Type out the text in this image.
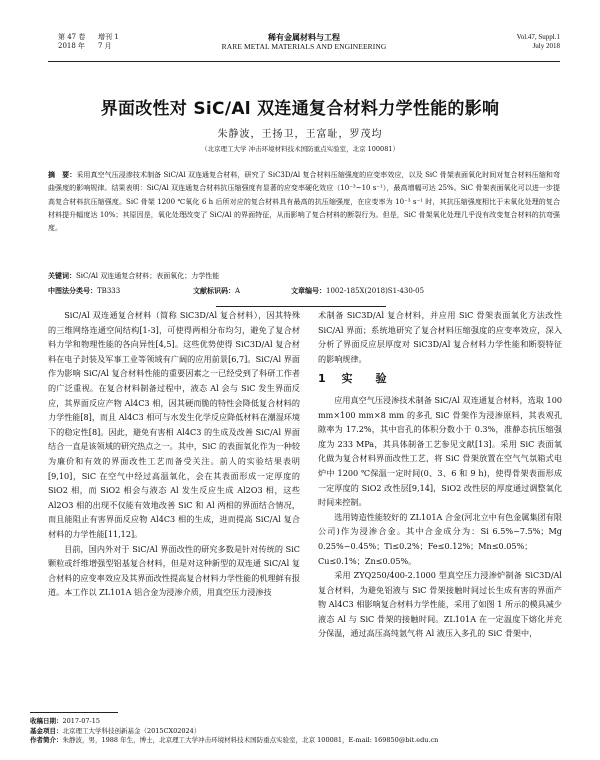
第 47 卷 增刊 1
2018 年 7 月
稀有金属材料与工程
RARE METAL MATERIALS AND ENGINEERING
Vol.47, Suppl.1
July 2018
界面改性对 SiC/Al 双连通复合材料力学性能的影响
朱静波，王扬卫，王富耻，罗茂均
（北京理工大学 冲击环境材料技术国防重点实验室，北京 100081）
摘　要：采用真空气压浸渗技术制备 SiC/Al 双连通复合材料，研究了 SiC3D/Al 复合材料压缩强度的应变率效应，以及 SiC 骨架表面氧化时间对复合材料压缩和弯曲强度的影响规律。结果表明：SiC/Al 双连通复合材料抗压缩强度有显著的应变率硬化效应（10⁻³~10 s⁻¹），最高增幅可达 25%。SiC 骨架表面氧化可以进一步提高复合材料抗压缩强度。SiC 骨架 1200 ℃氧化 6 h 后所对应的复合材料具有最高的抗压缩强度，在应变率为 10⁻³ s⁻¹ 时，其抗压缩强度相比于未氧化处理的复合材料提升幅度达 10%；其原因是，氧化处理改变了 SiC/Al 的界面特征，从而影响了复合材料的断裂行为。但是，SiC 骨架氧化处理几乎没有改变复合材料的抗弯强度。
关键词：SiC/Al 双连通复合材料；表面氧化；力学性能
中图法分类号：TB333	文献标识码：A	文章编号：1002-185X(2018)S1-430-05

SiC/Al 双连通复合材料（简称 SiC3D/Al 复合材料），因其特殊的三维网络连通空间结构[1-3]，可使得两相分布均匀，避免了复合材料力学和物理性能的各向异性[4,5]。这些优势使得 SiC3D/Al 复合材料在电子封装及军事工业等领域有广阔的应用前景[6,7]。SiC/Al 界面作为影响 SiC/Al 复合材料性能的重要因素之一已经受到了科研工作者的广泛重视。在复合材料制备过程中，液态 Al 会与 SiC 发生界面反应，其界面反应产物 Al4C3 相，因其硬而脆的特性会降低复合材料的力学性能[8]，而且 Al4C3 相可与水发生化学反应降低材料在潮湿环境下的稳定性[8]。因此，避免有害相 Al4C3 的生成及改善 SiC/Al 界面结合一直是该领域的研究热点之一。其中，SiC 的表面氧化作为一种较为廉价和有效的界面改性工艺而备受关注。前人的实验结果表明[9,10]，SiC 在空气中经过高温氧化，会在其表面形成一定厚度的 SiO2 相，而 SiO2 相会与液态 Al 发生反应生成 Al2O3 相，这些 Al2O3 相的出现不仅能有效地改善 SiC 和 Al 两相的界面结合情况，而且能阻止有害界面反应物 Al4C3 相的生成，进而提高 SiC/Al 复合材料的力学性能[11,12]。

目前，国内外对于 SiC/Al 界面改性的研究多数是针对传统的 SiC 颗粒或纤维增强型铝基复合材料，但是对这种新型的双连通 SiC/Al 复合材料的应变率效应及其界面改性提高复合材料力学性能的机理鲜有报道。本工作以 ZL101A 铝合金为浸渗介质，用真空压力浸渗技

术制备 SiC3D/Al 复合材料，并应用 SiC 骨架表面氧化方法改性 SiC/Al 界面；系统地研究了复合材料压缩强度的应变率效应，深入分析了界面反应层厚度对 SiC3D/Al 复合材料力学性能和断裂特征的影响规律。

1 实　验

应用真空气压浸渗技术制备 SiC/Al 双连通复合材料，选取 100 mm×100 mm×8 mm 的多孔 SiC 骨架作为浸渗原料，其表观孔隙率为 17.2%，其中盲孔的体积分数小于 0.3%，准静态抗压缩强度为 233 MPa，其具体制备工艺参见文献[13]。采用 SiC 表面氧化做为复合材料界面改性工艺，将 SiC 骨架放置在空气气氛箱式电炉中 1200 ℃保温一定时间(0、3、6 和 9 h)，使得骨架表面形成一定厚度的 SiO2 改性层[9,14]，SiO2 改性层的厚度通过调整氧化时间来控制。

选用铸造性能较好的 ZL101A 合金(河北立中有色金属集团有限公司)作为浸渗合金。其中合金成分为：Si 6.5%~7.5%；Mg 0.25%~0.45%；Ti≤0.2%；Fe≤0.12%；Mn≤0.05%；Cu≤0.1%；Zn≤0.05%。

采用 ZYQ250/400-2.1000 型真空压力浸渗炉制备 SiC3D/Al 复合材料，为避免铝液与 SiC 骨架接触时间过长生成有害的界面产物 Al4C3 相影响复合材料力学性能，采用了如图 1 所示的模具减少液态 Al 与 SiC 骨架的接触时间。ZL101A 在一定温度下熔化并充分保温，通过高压高纯氩气将 Al 液压入多孔的 SiC 骨架中，

收稿日期：2017-07-15
基金项目：北京理工大学科技创新基金（2015CX02024）
作者简介：朱静波，男，1988 年生，博士，北京理工大学冲击环境材料技术国防重点实验室，北京 100081，E-mail: 169850@bit.edu.cn
